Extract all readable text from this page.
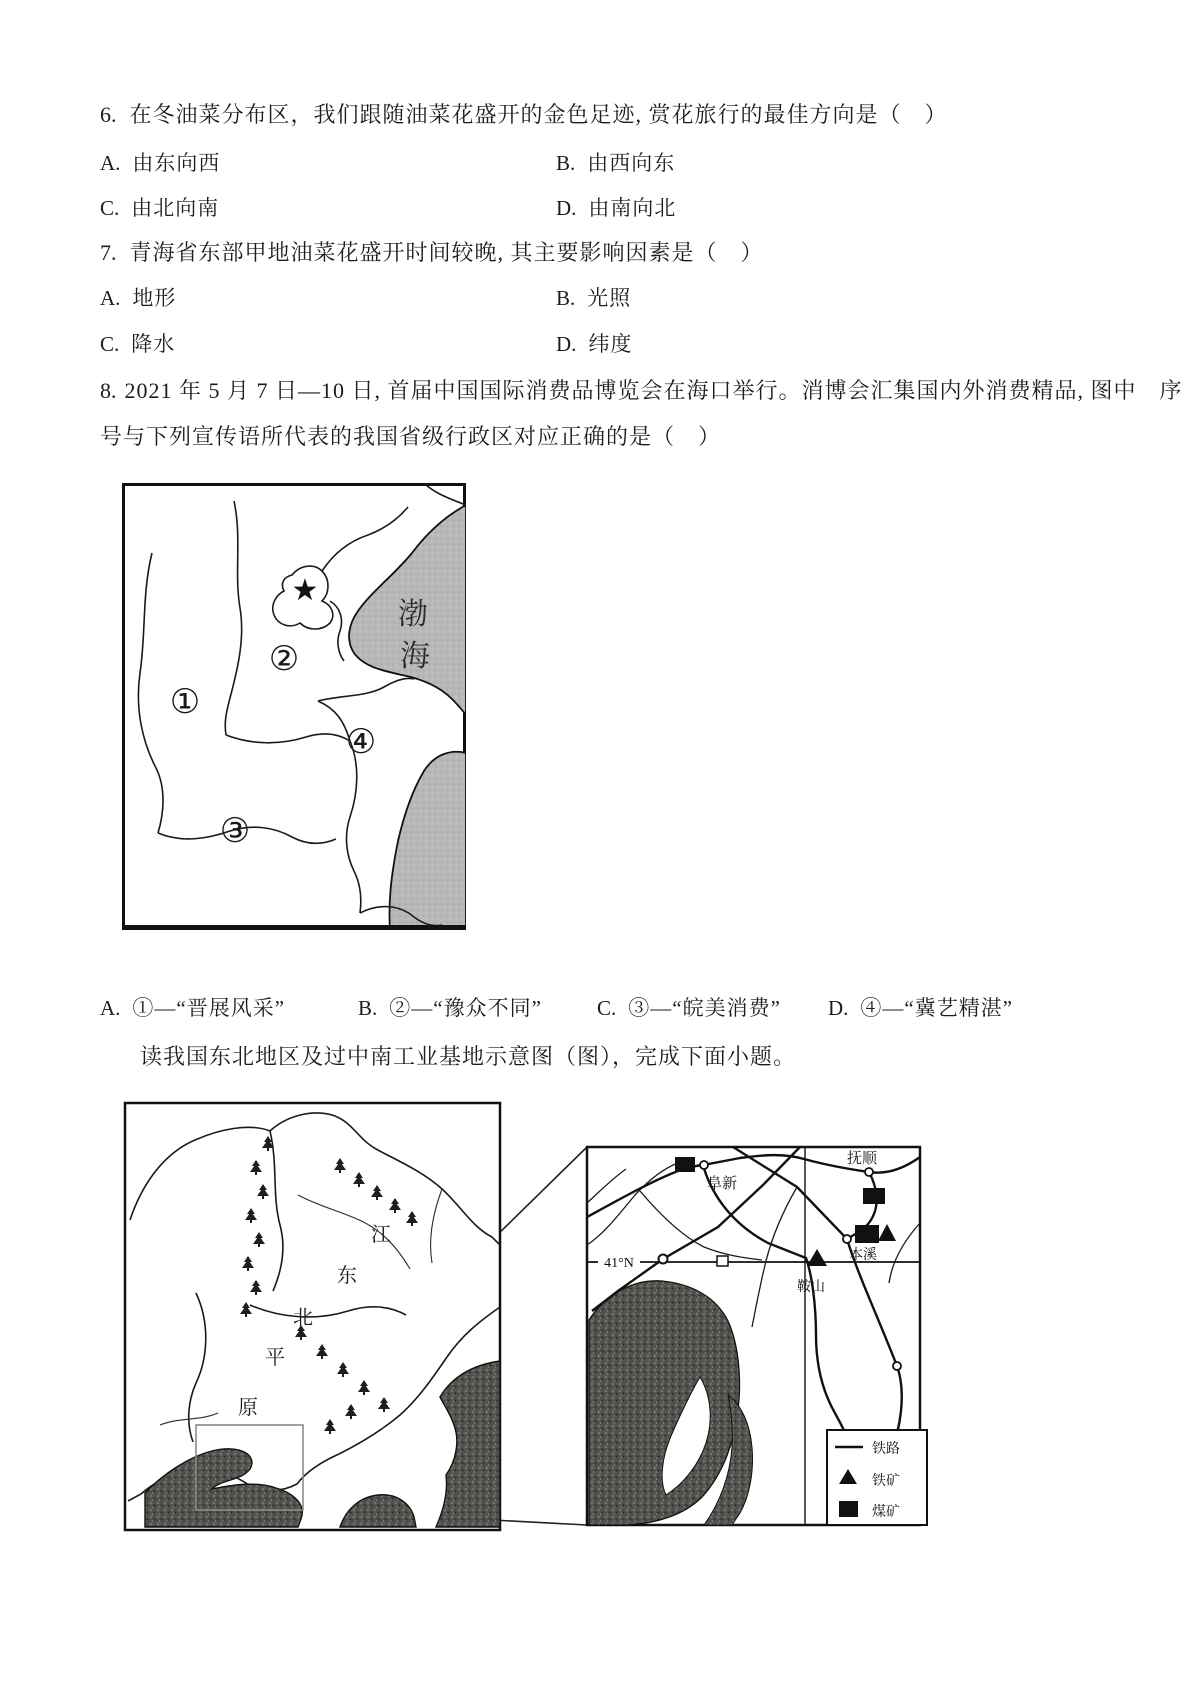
6. 在冬油菜分布区，我们跟随油菜花盛开的金色足迹, 赏花旅行的最佳方向是（　）
A. 由东向西	B. 由西向东
C. 由北向南	D. 由南向北
7. 青海省东部甲地油菜花盛开时间较晚, 其主要影响因素是（　）
A. 地形	B. 光照
C. 降水	D. 纬度
8. 2021 年 5 月 7 日—10 日, 首届中国国际消费品博览会在海口举行。消博会汇集国内外消费精品, 图中　序
号与下列宣传语所代表的我国省级行政区对应正确的是（　）
★
①
②
③
④
渤
海
A. ①—“晋展风采”	B. ②—“豫众不同”	C. ③—“皖美消费” D. ④—“冀艺精湛”
读我国东北地区及过中南工业基地示意图（图），完成下面小题。
江
东
北
平
原
阜新
抚顺
本溪
鞍山
41°N
铁路
铁矿
煤矿
